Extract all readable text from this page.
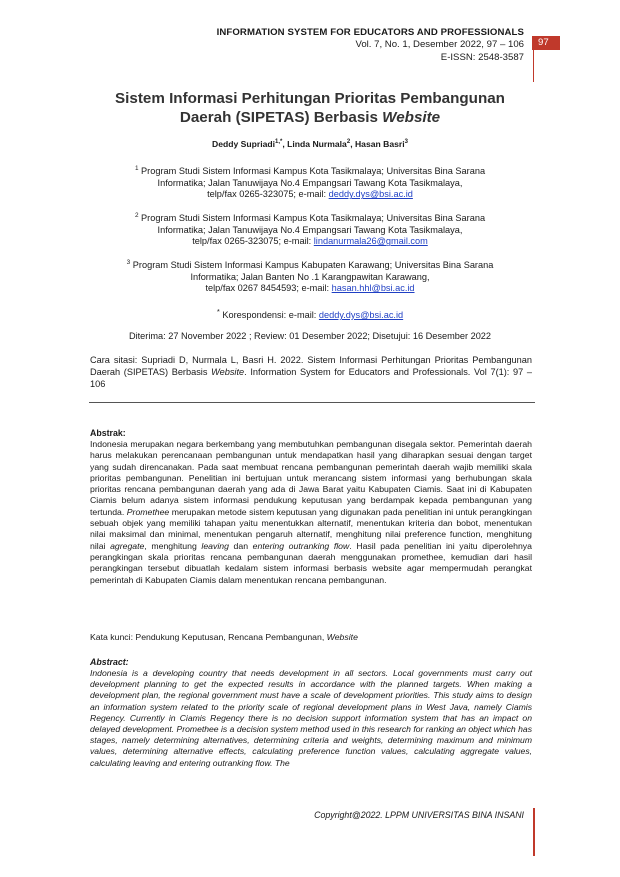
INFORMATION SYSTEM FOR EDUCATORS AND PROFESSIONALS
Vol. 7, No. 1, Desember 2022, 97 – 106
E-ISSN: 2548-3587
97
Sistem Informasi Perhitungan Prioritas Pembangunan
Daerah (SIPETAS) Berbasis Website
Deddy Supriadi$^{1,*}$, Linda Nurmala$^2$, Hasan Basri$^3$
$^1$ Program Studi Sistem Informasi Kampus Kota Tasikmalaya; Universitas Bina Sarana
Informatika; Jalan Tanuwijaya No.4 Empangsari Tawang Kota Tasikmalaya,
telp/fax 0265-323075; e-mail: deddy.dys@bsi.ac.id
$^2$ Program Studi Sistem Informasi Kampus Kota Tasikmalaya; Universitas Bina Sarana
Informatika; Jalan Tanuwijaya No.4 Empangsari Tawang Kota Tasikmalaya,
telp/fax 0265-323075; e-mail: lindanurmala26@gmail.com
$^3$ Program Studi Sistem Informasi Kampus Kabupaten Karawang; Universitas Bina Sarana
Informatika; Jalan Banten No .1 Karangpawitan Karawang,
telp/fax 0267 8454593; e-mail: hasan.hhl@bsi.ac.id
* Korespondensi: e-mail: deddy.dys@bsi.ac.id
Diterima: 27 November 2022 ; Review: 01 Desember 2022; Disetujui: 16 Desember 2022
Cara sitasi: Supriadi D, Nurmala L, Basri H. 2022. Sistem Informasi Perhitungan Prioritas Pembangunan Daerah (SIPETAS) Berbasis Website. Information System for Educators and Professionals. Vol 7(1): 97 – 106
Abstrak:
Indonesia merupakan negara berkembang yang membutuhkan pembangunan disegala sektor. Pemerintah daerah harus melakukan perencanaan pembangunan untuk mendapatkan hasil yang diharapkan sesuai dengan target yang sudah direncanakan. Pada saat membuat rencana pembangunan pemerintah daerah wajib memiliki skala prioritas pembangunan. Penelitian ini bertujuan untuk merancang sistem informasi yang berhubungan skala prioritas rencana pembangunan daerah yang ada di Jawa Barat yaitu Kabupaten Ciamis. Saat ini di Kabupaten Ciamis belum adanya sistem informasi pendukung keputusan yang berdampak kepada pembangunan yang tertunda. Promethee merupakan metode sistem keputusan yang digunakan pada penelitian ini untuk perangkingan sebuah objek yang memiliki tahapan yaitu menentukkan alternatif, menentukan kriteria dan bobot, menentukan nilai maksimal dan minimal, menentukan pengaruh alternatif, menghitung nilai preference function, menghitung nilai agregate, menghitung leaving dan entering outranking flow. Hasil pada penelitian ini yaitu diperolehnya perangkingan skala prioritas rencana pembangunan daerah menggunakan promethee, kemudian dari hasil perangkingan tersebut dibuatlah kedalam sistem informasi berbasis website agar mempermudah perangkat pemerintah di Kabupaten Ciamis dalam menentukan rencana pembangunan.
Kata kunci: Pendukung Keputusan, Rencana Pembangunan, Website
Abstract:
Indonesia is a developing country that needs development in all sectors. Local governments must carry out development planning to get the expected results in accordance with the planned targets. When making a development plan, the regional government must have a scale of development priorities. This study aims to design an information system related to the priority scale of regional development plans in West Java, namely Ciamis Regency. Currently in Ciamis Regency there is no decision support information system that has an impact on delayed development. Promethee is a decision system method used in this research for ranking an object which has stages, namely determining alternatives, determining criteria and weights, determining maximum and minimum values, determining alternative effects, calculating preference function values, calculating aggregate values, calculating leaving and entering outranking flow. The
Copyright@2022. LPPM UNIVERSITAS BINA INSANI
